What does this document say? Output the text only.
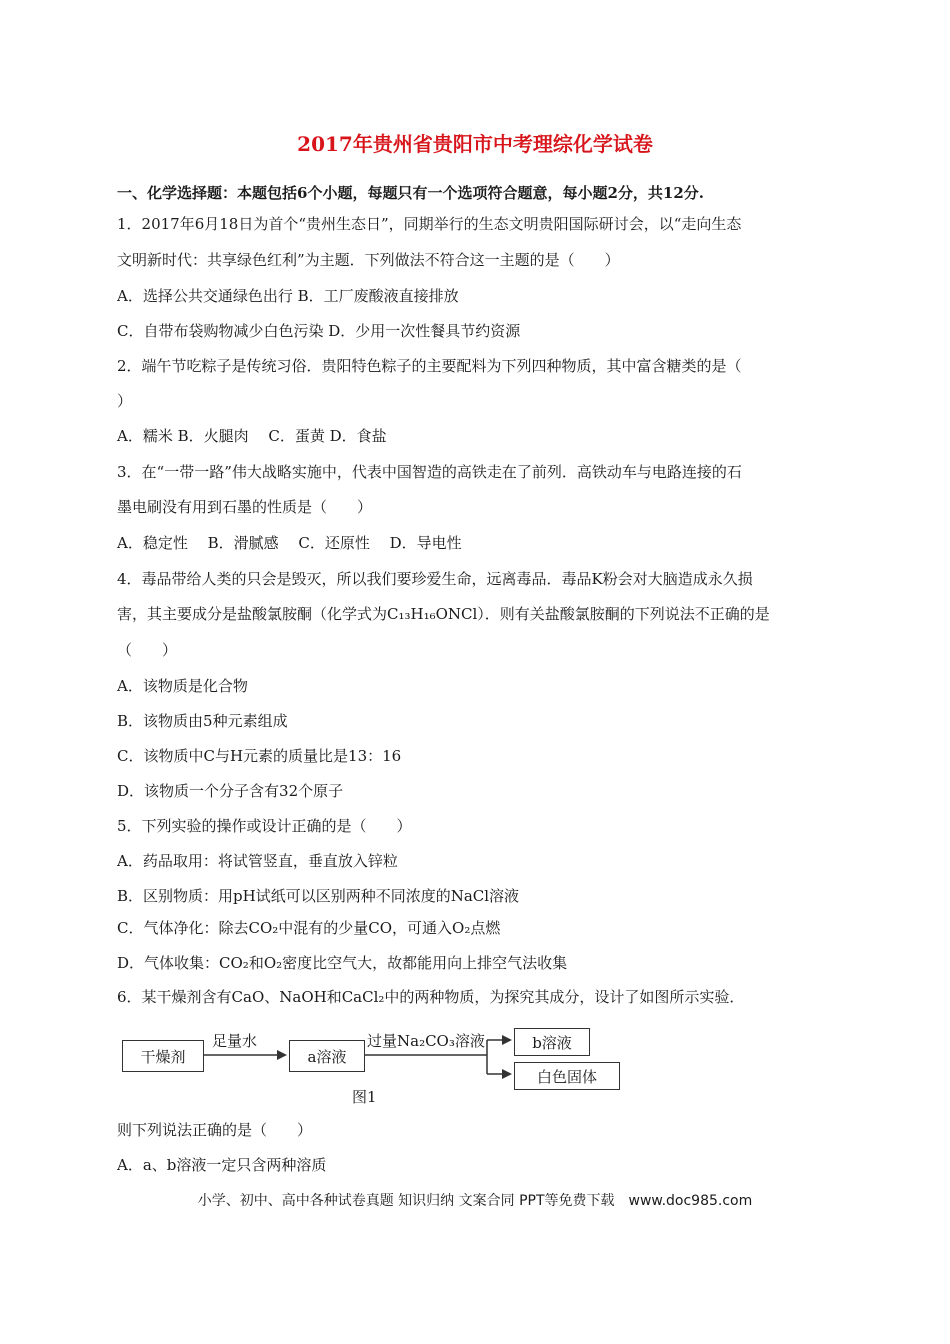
2017年贵州省贵阳市中考理综化学试卷
一、化学选择题：本题包括6个小题，每题只有一个选项符合题意，每小题2分，共12分.
1．2017年6月18日为首个“贵州生态日”，同期举行的生态文明贵阳国际研讨会，以“走向生态
文明新时代：共享绿色红利”为主题．下列做法不符合这一主题的是（　　）
A．选择公共交通绿色出行 B．工厂废酸液直接排放
C．自带布袋购物减少白色污染 D．少用一次性餐具节约资源
2．端午节吃粽子是传统习俗．贵阳特色粽子的主要配料为下列四种物质，其中富含糖类的是（
）
A．糯米 B．火腿肉　 C．蛋黄 D．食盐
3．在“一带一路”伟大战略实施中，代表中国智造的高铁走在了前列．高铁动车与电路连接的石
墨电刷没有用到石墨的性质是（　　）
A．稳定性　 B．滑腻感　 C．还原性　 D．导电性
4．毒品带给人类的只会是毁灭，所以我们要珍爱生命，远离毒品．毒品K粉会对大脑造成永久损
害，其主要成分是盐酸氯胺酮（化学式为C₁₃H₁₆ONCl）．则有关盐酸氯胺酮的下列说法不正确的是
（　　）
A．该物质是化合物
B．该物质由5种元素组成
C．该物质中C与H元素的质量比是13：16
D．该物质一个分子含有32个原子
5．下列实验的操作或设计正确的是（　　）
A．药品取用：将试管竖直，垂直放入锌粒
B．区别物质：用pH试纸可以区别两种不同浓度的NaCl溶液
C．气体净化：除去CO₂中混有的少量CO，可通入O₂点燃
D．气体收集：CO₂和O₂密度比空气大，故都能用向上排空气法收集
6．某干燥剂含有CaO、NaOH和CaCl₂中的两种物质，为探究其成分，设计了如图所示实验．
干燥剂
足量水
a溶液
过量Na₂CO₃溶液	b溶液
白色固体
图1
则下列说法正确的是（　　）
A．a、b溶液一定只含两种溶质
小学、初中、高中各种试卷真题 知识归纳 文案合同 PPT等免费下载　www.doc985.com
